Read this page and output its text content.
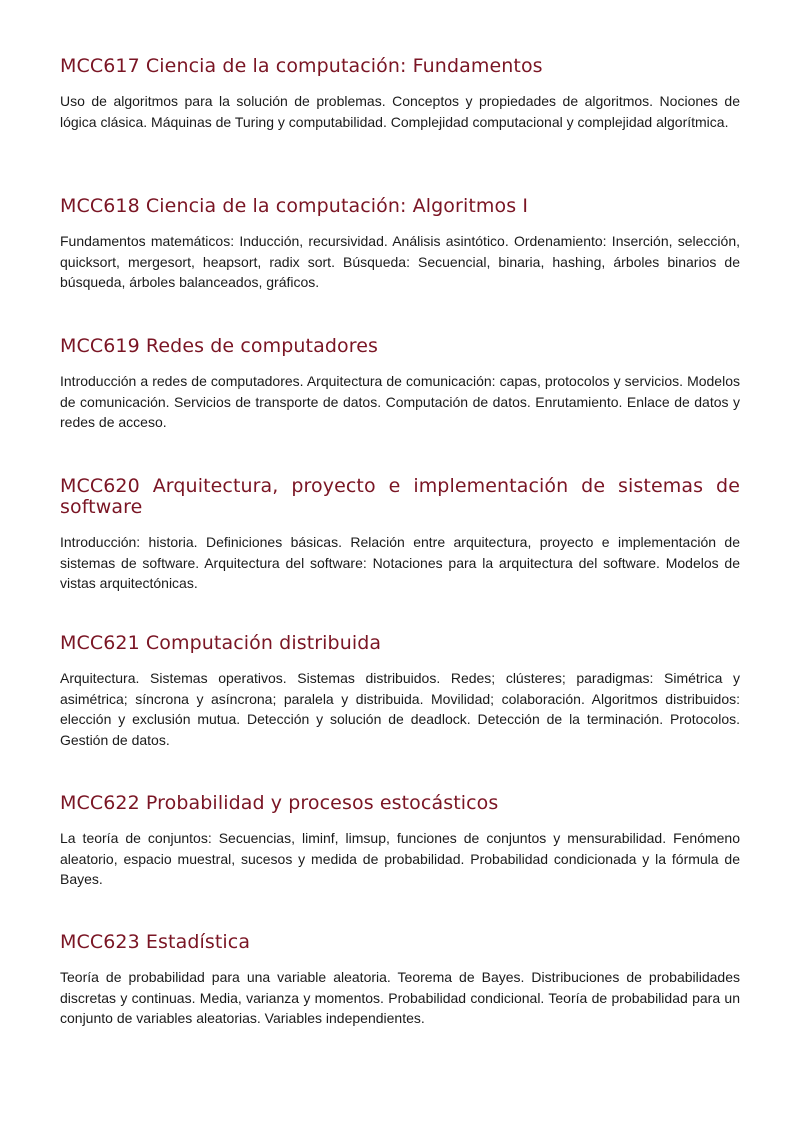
MCC617 Ciencia de la computación: Fundamentos

Uso de algoritmos para la solución de problemas. Conceptos y propiedades de algoritmos. Nociones de lógica clásica. Máquinas de Turing y computabilidad. Complejidad computacional y complejidad algorítmica.

MCC618 Ciencia de la computación: Algoritmos I

Fundamentos matemáticos: Inducción, recursividad. Análisis asintótico. Ordenamiento: Inserción, selección, quicksort, mergesort, heapsort, radix sort. Búsqueda: Secuencial, binaria, hashing, árboles binarios de búsqueda, árboles balanceados, gráficos.

MCC619 Redes de computadores

Introducción a redes de computadores. Arquitectura de comunicación: capas, protocolos y servicios. Modelos de comunicación. Servicios de transporte de datos. Computación de datos. Enrutamiento. Enlace de datos y redes de acceso.

MCC620 Arquitectura, proyecto e implementación de sistemas de software

Introducción: historia. Definiciones básicas. Relación entre arquitectura, proyecto e implementación de sistemas de software. Arquitectura del software: Notaciones para la arquitectura del software. Modelos de vistas arquitectónicas.

MCC621 Computación distribuida

Arquitectura. Sistemas operativos. Sistemas distribuidos. Redes; clústeres; paradigmas: Simétrica y asimétrica; síncrona y asíncrona; paralela y distribuida. Movilidad; colaboración. Algoritmos distribuidos: elección y exclusión mutua. Detección y solución de deadlock. Detección de la terminación. Protocolos. Gestión de datos.

MCC622 Probabilidad y procesos estocásticos

La teoría de conjuntos: Secuencias, liminf, limsup, funciones de conjuntos y mensurabilidad. Fenómeno aleatorio, espacio muestral, sucesos y medida de probabilidad. Probabilidad condicionada y la fórmula de Bayes.

MCC623 Estadística

Teoría de probabilidad para una variable aleatoria. Teorema de Bayes. Distribuciones de probabilidades discretas y continuas. Media, varianza y momentos. Probabilidad condicional. Teoría de probabilidad para un conjunto de variables aleatorias. Variables independientes.
